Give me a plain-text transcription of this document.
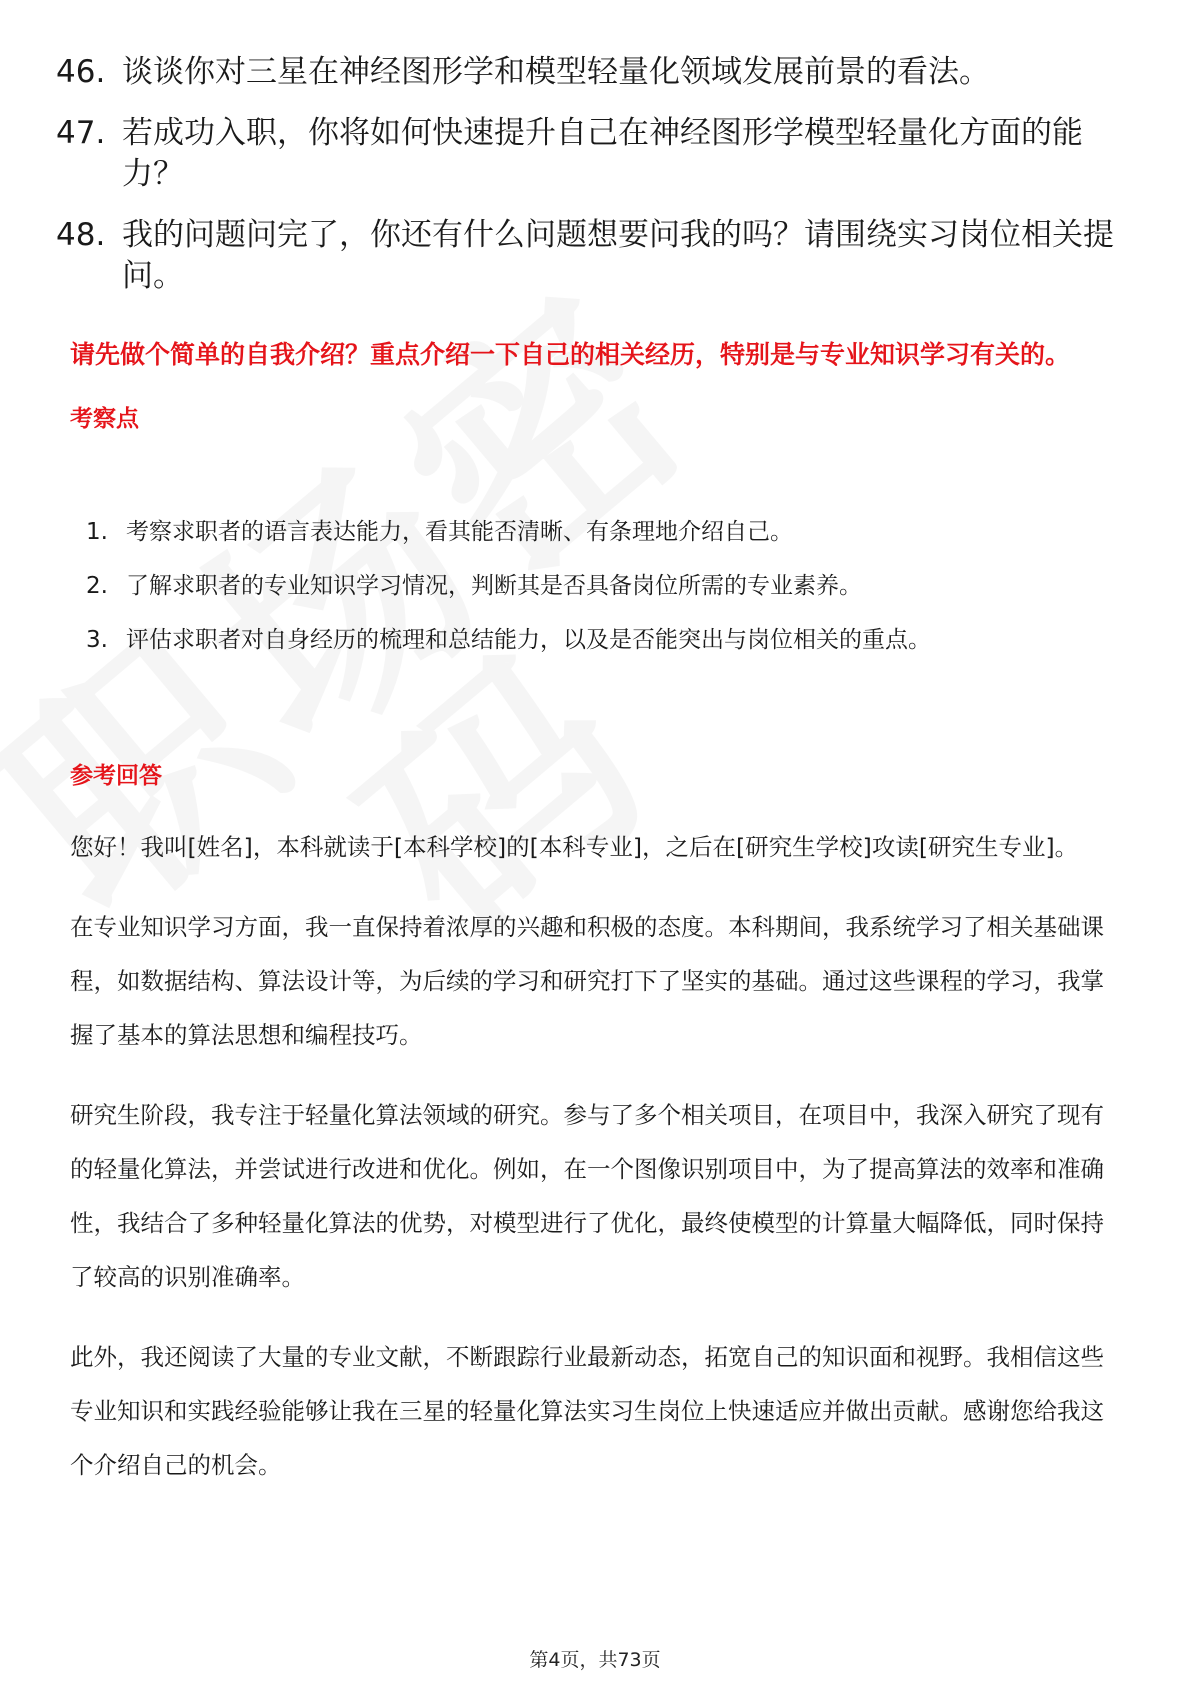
46. 谈谈你对三星在神经图形学和模型轻量化领域发展前景的看法。
47. 若成功入职，你将如何快速提升自己在神经图形学模型轻量化方面的能力？
48. 我的问题问完了，你还有什么问题想要问我的吗？请围绕实习岗位相关提问。
请先做个简单的自我介绍？重点介绍一下自己的相关经历，特别是与专业知识学习有关的。
考察点
1. 考察求职者的语言表达能力，看其能否清晰、有条理地介绍自己。
2. 了解求职者的专业知识学习情况，判断其是否具备岗位所需的专业素养。
3. 评估求职者对自身经历的梳理和总结能力，以及是否能突出与岗位相关的重点。
参考回答

您好！我叫[姓名]，本科就读于[本科学校]的[本科专业]，之后在[研究生学校]攻读[研究生专业]。

在专业知识学习方面，我一直保持着浓厚的兴趣和积极的态度。本科期间，我系统学习了相关基础课程，如数据结构、算法设计等，为后续的学习和研究打下了坚实的基础。通过这些课程的学习，我掌握了基本的算法思想和编程技巧。

研究生阶段，我专注于轻量化算法领域的研究。参与了多个相关项目，在项目中，我深入研究了现有的轻量化算法，并尝试进行改进和优化。例如，在一个图像识别项目中，为了提高算法的效率和准确性，我结合了多种轻量化算法的优势，对模型进行了优化，最终使模型的计算量大幅降低，同时保持了较高的识别准确率。

此外，我还阅读了大量的专业文献，不断跟踪行业最新动态，拓宽自己的知识面和视野。我相信这些专业知识和实践经验能够让我在三星的轻量化算法实习生岗位上快速适应并做出贡献。感谢您给我这个介绍自己的机会。

第4页，共73页
